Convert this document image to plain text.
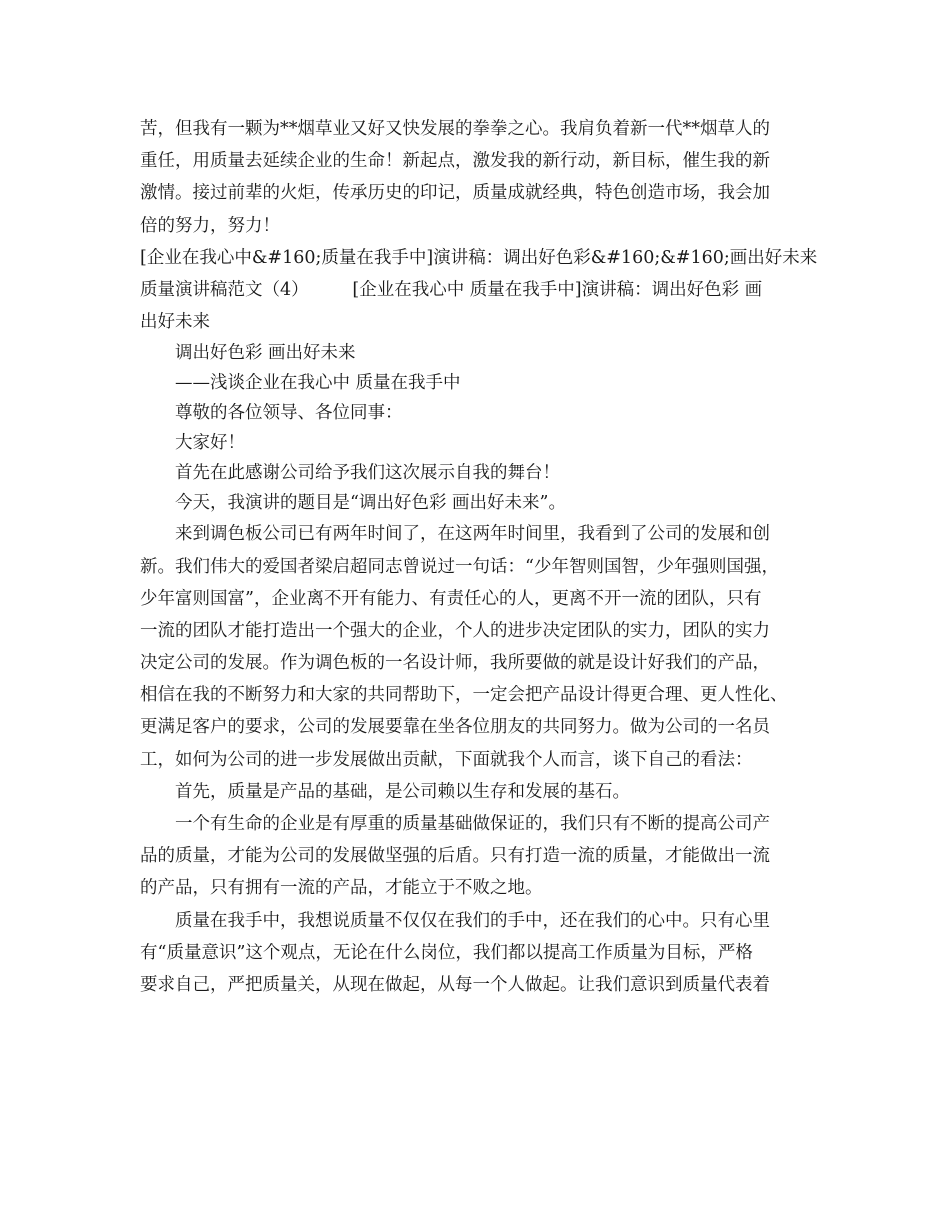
苦，但我有一颗为**烟草业又好又快发展的拳拳之心。我肩负着新一代**烟草人的
重任，用质量去延续企业的生命！新起点，激发我的新行动，新目标，催生我的新
激情。接过前辈的火炬，传承历史的印记，质量成就经典，特色创造市场，我会加
倍的努力，努力！
[企业在我心中&#160;质量在我手中]演讲稿：调出好色彩&#160;&#160;画出好未来
质量演讲稿范文（4）　　　[企业在我心中 质量在我手中]演讲稿：调出好色彩 画
出好未来
调出好色彩 画出好未来
——浅谈企业在我心中 质量在我手中
尊敬的各位领导、各位同事：
大家好！
首先在此感谢公司给予我们这次展示自我的舞台！
今天，我演讲的题目是“调出好色彩 画出好未来”。
来到调色板公司已有两年时间了，在这两年时间里，我看到了公司的发展和创
新。我们伟大的爱国者梁启超同志曾说过一句话：“少年智则国智，少年强则国强，
少年富则国富”，企业离不开有能力、有责任心的人，更离不开一流的团队，只有
一流的团队才能打造出一个强大的企业，个人的进步决定团队的实力，团队的实力
决定公司的发展。作为调色板的一名设计师，我所要做的就是设计好我们的产品，
相信在我的不断努力和大家的共同帮助下，一定会把产品设计得更合理、更人性化、
更满足客户的要求，公司的发展要靠在坐各位朋友的共同努力。做为公司的一名员
工，如何为公司的进一步发展做出贡献，下面就我个人而言，谈下自己的看法：
首先，质量是产品的基础，是公司赖以生存和发展的基石。
一个有生命的企业是有厚重的质量基础做保证的，我们只有不断的提高公司产
品的质量，才能为公司的发展做坚强的后盾。只有打造一流的质量，才能做出一流
的产品，只有拥有一流的产品，才能立于不败之地。
质量在我手中，我想说质量不仅仅在我们的手中，还在我们的心中。只有心里
有“质量意识”这个观点，无论在什么岗位，我们都以提高工作质量为目标，严格
要求自己，严把质量关，从现在做起，从每一个人做起。让我们意识到质量代表着
